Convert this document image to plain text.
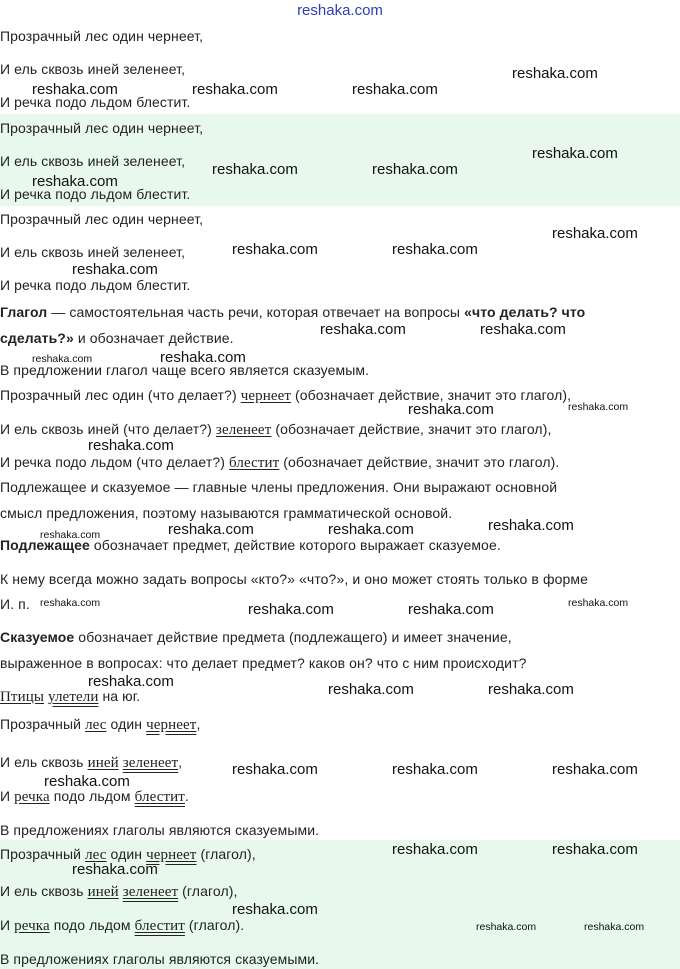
reshaka.com
Прозрачный лес один чернеет,
И ель сквозь иней зеленеет,
И речка подо льдом блестит.
Прозрачный лес один чернеет,
И ель сквозь иней зеленеет,
И речка подо льдом блестит.
Прозрачный лес один чернеет,
И ель сквозь иней зеленеет,
И речка подо льдом блестит.
Глагол — самостоятельная часть речи, которая отвечает на вопросы «что делать? что
сделать?» и обозначает действие.
В предложении глагол чаще всего является сказуемым.
Прозрачный лес один (что делает?) чернеет (обозначает действие, значит это глагол),
И ель сквозь иней (что делает?) зеленеет (обозначает действие, значит это глагол),
И речка подо льдом (что делает?) блестит (обозначает действие, значит это глагол).
Подлежащее и сказуемое — главные члены предложения. Они выражают основной
смысл предложения, поэтому называются грамматической основой.
Подлежащее обозначает предмет, действие которого выражает сказуемое.
К нему всегда можно задать вопросы «кто?» «что?», и оно может стоять только в форме
И. п.
Сказуемое обозначает действие предмета (подлежащего) и имеет значение,
выраженное в вопросах: что делает предмет? каков он? что с ним происходит?
Птицы улетели на юг.
Прозрачный лес один чернеет,
И ель сквозь иней зеленеет,
И речка подо льдом блестит.
В предложениях глаголы являются сказуемыми.
Прозрачный лес один чернеет (глагол),
И ель сквозь иней зеленеет (глагол),
И речка подо льдом блестит (глагол).
В предложениях глаголы являются сказуемыми.
reshaka.com
reshaka.com	reshaka.com	reshaka.com
reshaka.com
reshaka.com	reshaka.com
reshaka.com
reshaka.com
reshaka.com	reshaka.com
reshaka.com
reshaka.com	reshaka.com
reshaka.com
reshaka.com
reshaka.com	reshaka.com
reshaka.com
reshaka.com
reshaka.com	reshaka.com	reshaka.com
reshaka.com	reshaka.com	reshaka.com	reshaka.com
reshaka.com	reshaka.com	reshaka.com
reshaka.com	reshaka.com	reshaka.com
reshaka.com
reshaka.com	reshaka.com
reshaka.com
reshaka.com
reshaka.com	reshaka.com
